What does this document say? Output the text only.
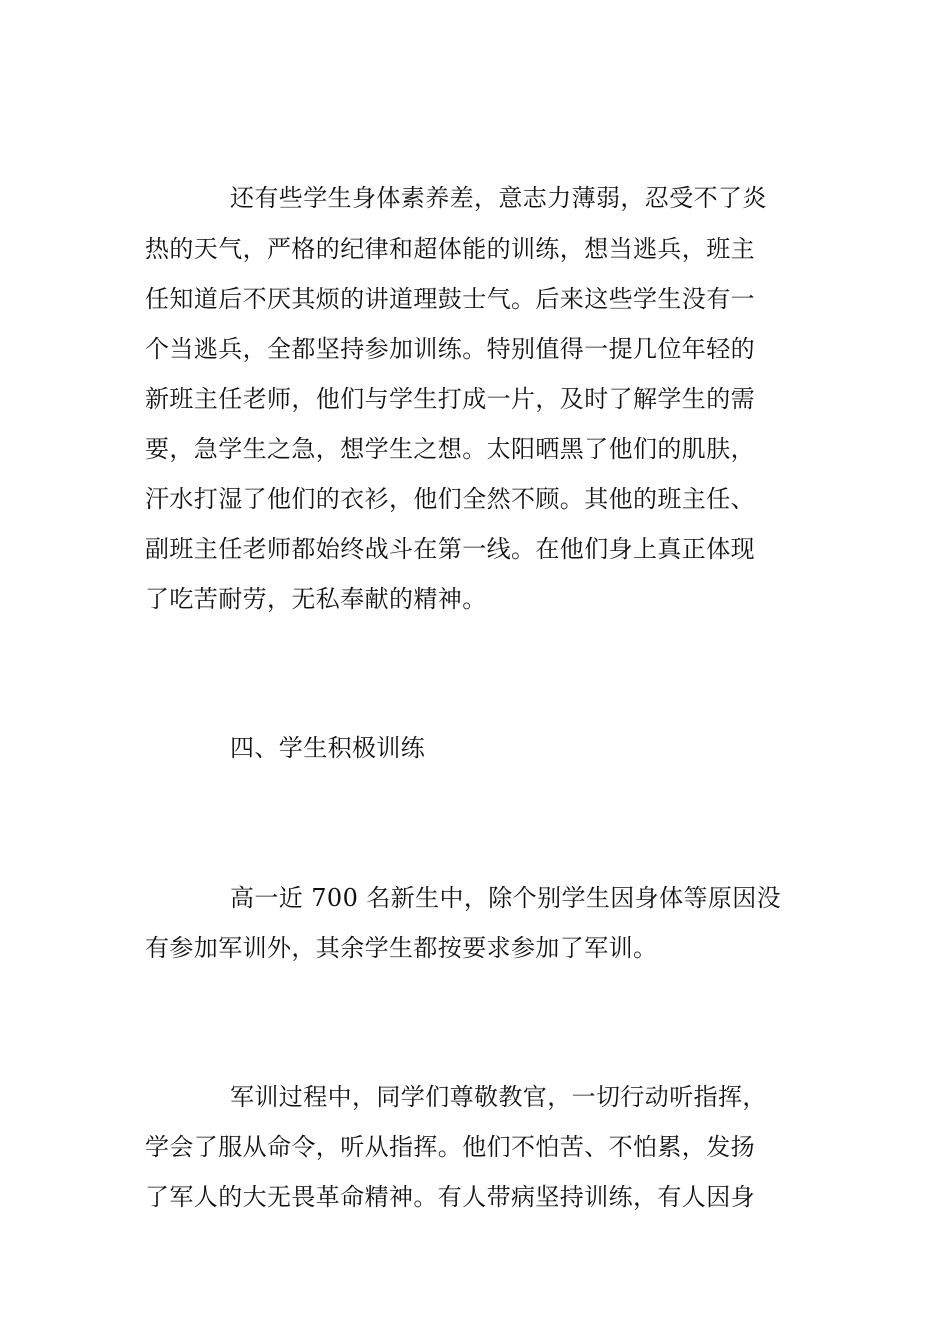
还有些学生身体素养差，意志力薄弱，忍受不了炎
热的天气，严格的纪律和超体能的训练，想当逃兵，班主
任知道后不厌其烦的讲道理鼓士气。后来这些学生没有一
个当逃兵，全都坚持参加训练。特别值得一提几位年轻的
新班主任老师，他们与学生打成一片，及时了解学生的需
要，急学生之急，想学生之想。太阳晒黑了他们的肌肤，
汗水打湿了他们的衣衫，他们全然不顾。其他的班主任、
副班主任老师都始终战斗在第一线。在他们身上真正体现
了吃苦耐劳，无私奉献的精神。
四、学生积极训练
高一近 700 名新生中，除个别学生因身体等原因没
有参加军训外，其余学生都按要求参加了军训。
军训过程中，同学们尊敬教官，一切行动听指挥，
学会了服从命令，听从指挥。他们不怕苦、不怕累，发扬
了军人的大无畏革命精神。有人带病坚持训练，有人因身
